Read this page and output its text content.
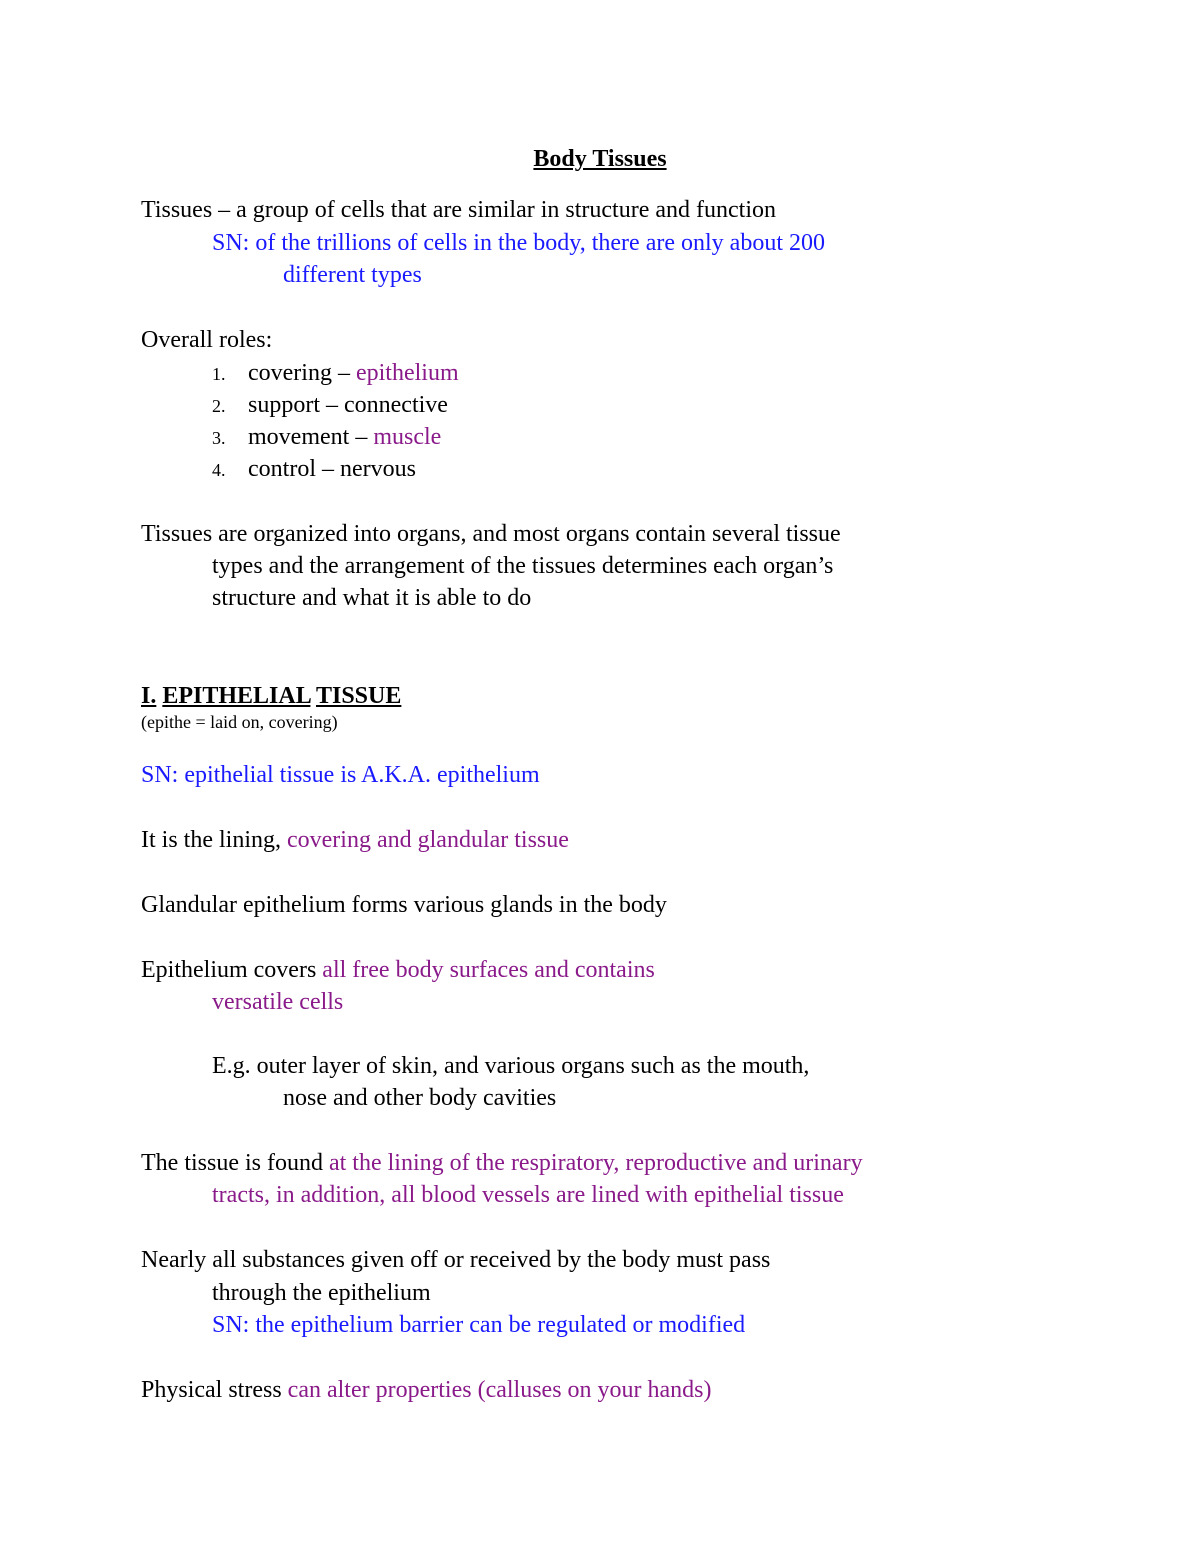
Body Tissues
Tissues – a group of cells that are similar in structure and function
SN: of the trillions of cells in the body, there are only about 200
different types
Overall roles:
1. covering – epithelium
2. support – connective
3. movement – muscle
4. control – nervous
Tissues are organized into organs, and most organs contain several tissue
types and the arrangement of the tissues determines each organ’s
structure and what it is able to do
I. EPITHELIAL TISSUE
(epithe = laid on, covering)
SN: epithelial tissue is A.K.A. epithelium
It is the lining, covering and glandular tissue
Glandular epithelium forms various glands in the body
Epithelium covers all free body surfaces and contains
versatile cells
E.g. outer layer of skin, and various organs such as the mouth,
nose and other body cavities
The tissue is found at the lining of the respiratory, reproductive and urinary
tracts, in addition, all blood vessels are lined with epithelial tissue
Nearly all substances given off or received by the body must pass
through the epithelium
SN: the epithelium barrier can be regulated or modified
Physical stress can alter properties (calluses on your hands)
